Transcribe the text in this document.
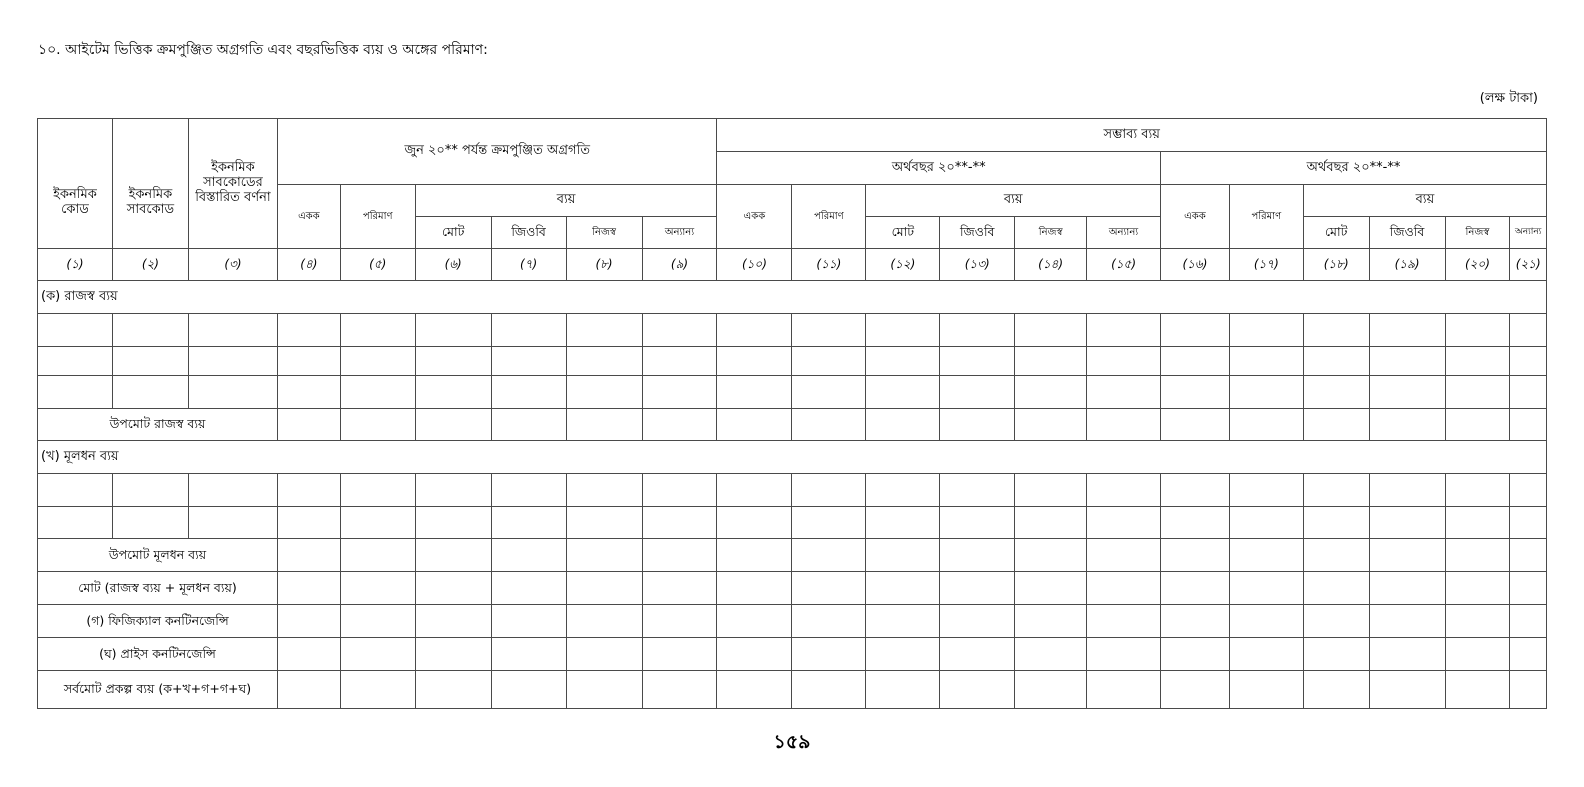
১০. আইটেম ভিত্তিক ক্রমপুঞ্জিত অগ্রগতি এবং বছরভিত্তিক ব্যয় ও অঙ্গের পরিমাণ:
(লক্ষ টাকা)
ইকনমিক কোড	ইকনমিক সাবকোড	ইকনমিক সাবকোডের বিস্তারিত বর্ণনা	জুন ২০** পর্যন্ত ক্রমপুঞ্জিত অগ্রগতি						সম্ভাব্য ব্যয়											
									অর্থবছর ২০**-**						অর্থবছর ২০**-**					
			একক	পরিমাণ	ব্যয়				একক	পরিমাণ	ব্যয়				একক	পরিমাণ	ব্যয়			
					মোট	জিওবি	নিজস্ব	অন্যান্য			মোট	জিওবি	নিজস্ব	অন্যান্য			মোট	জিওবি	নিজস্ব	অন্যান্য
(১)	(২)	(৩)	(৪)	(৫)	(৬)	(৭)	(৮)	(৯)	(১০)	(১১)	(১২)	(১৩)	(১৪)	(১৫)	(১৬)	(১৭)	(১৮)	(১৯)	(২০)	(২১)
(ক) রাজস্ব ব্যয়																				

উপমোট রাজস্ব ব্যয়																				
(খ) মূলধন ব্যয়																				

উপমোট মূলধন ব্যয়																				
মোট (রাজস্ব ব্যয় + মূলধন ব্যয়)																				
(গ) ফিজিক্যাল কনটিনজেন্সি																				
(ঘ) প্রাইস কনটিনজেন্সি																				
সর্বমোট প্রকল্প ব্যয় (ক+খ+গ+গ+ঘ)																				
১৫৯
